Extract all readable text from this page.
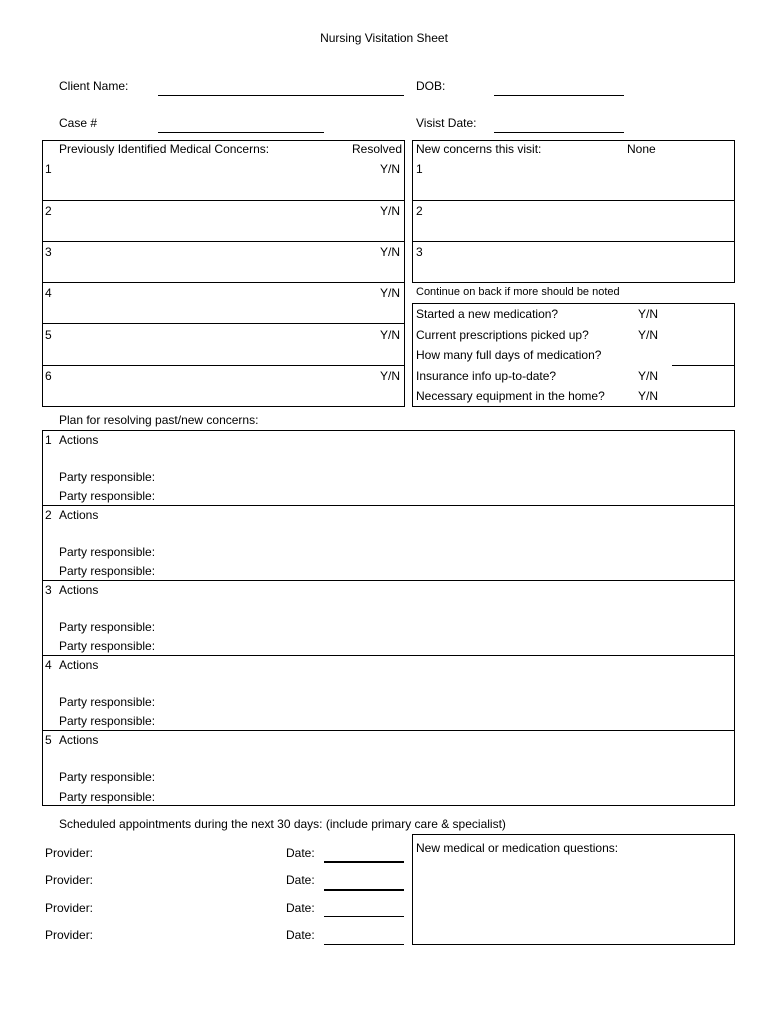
Nursing Visitation Sheet
Client Name:	DOB:
Case #	Visist Date:
Previously Identified Medical Concerns:	Resolved
1	Y/N
2	Y/N
3	Y/N
4	Y/N
5	Y/N
6	Y/N
New concerns this visit:	None
1
2
3
Continue on back if more should be noted
Started a new medication?	Y/N
Current prescriptions picked up?	Y/N
How many full days of medication?
Insurance info up-to-date?	Y/N
Necessary equipment in the home?	Y/N
Plan for resolving past/new concerns:
1 Actions
Party responsible:
Party responsible:
2 Actions
Party responsible:
Party responsible:
3 Actions
Party responsible:
Party responsible:
4 Actions
Party responsible:
Party responsible:
5 Actions
Party responsible:
Party responsible:
Scheduled appointments during the next 30 days: (include primary care & specialist)
Provider:	Date:
Provider:	Date:
Provider:	Date:
Provider:	Date:
New medical or medication questions:
